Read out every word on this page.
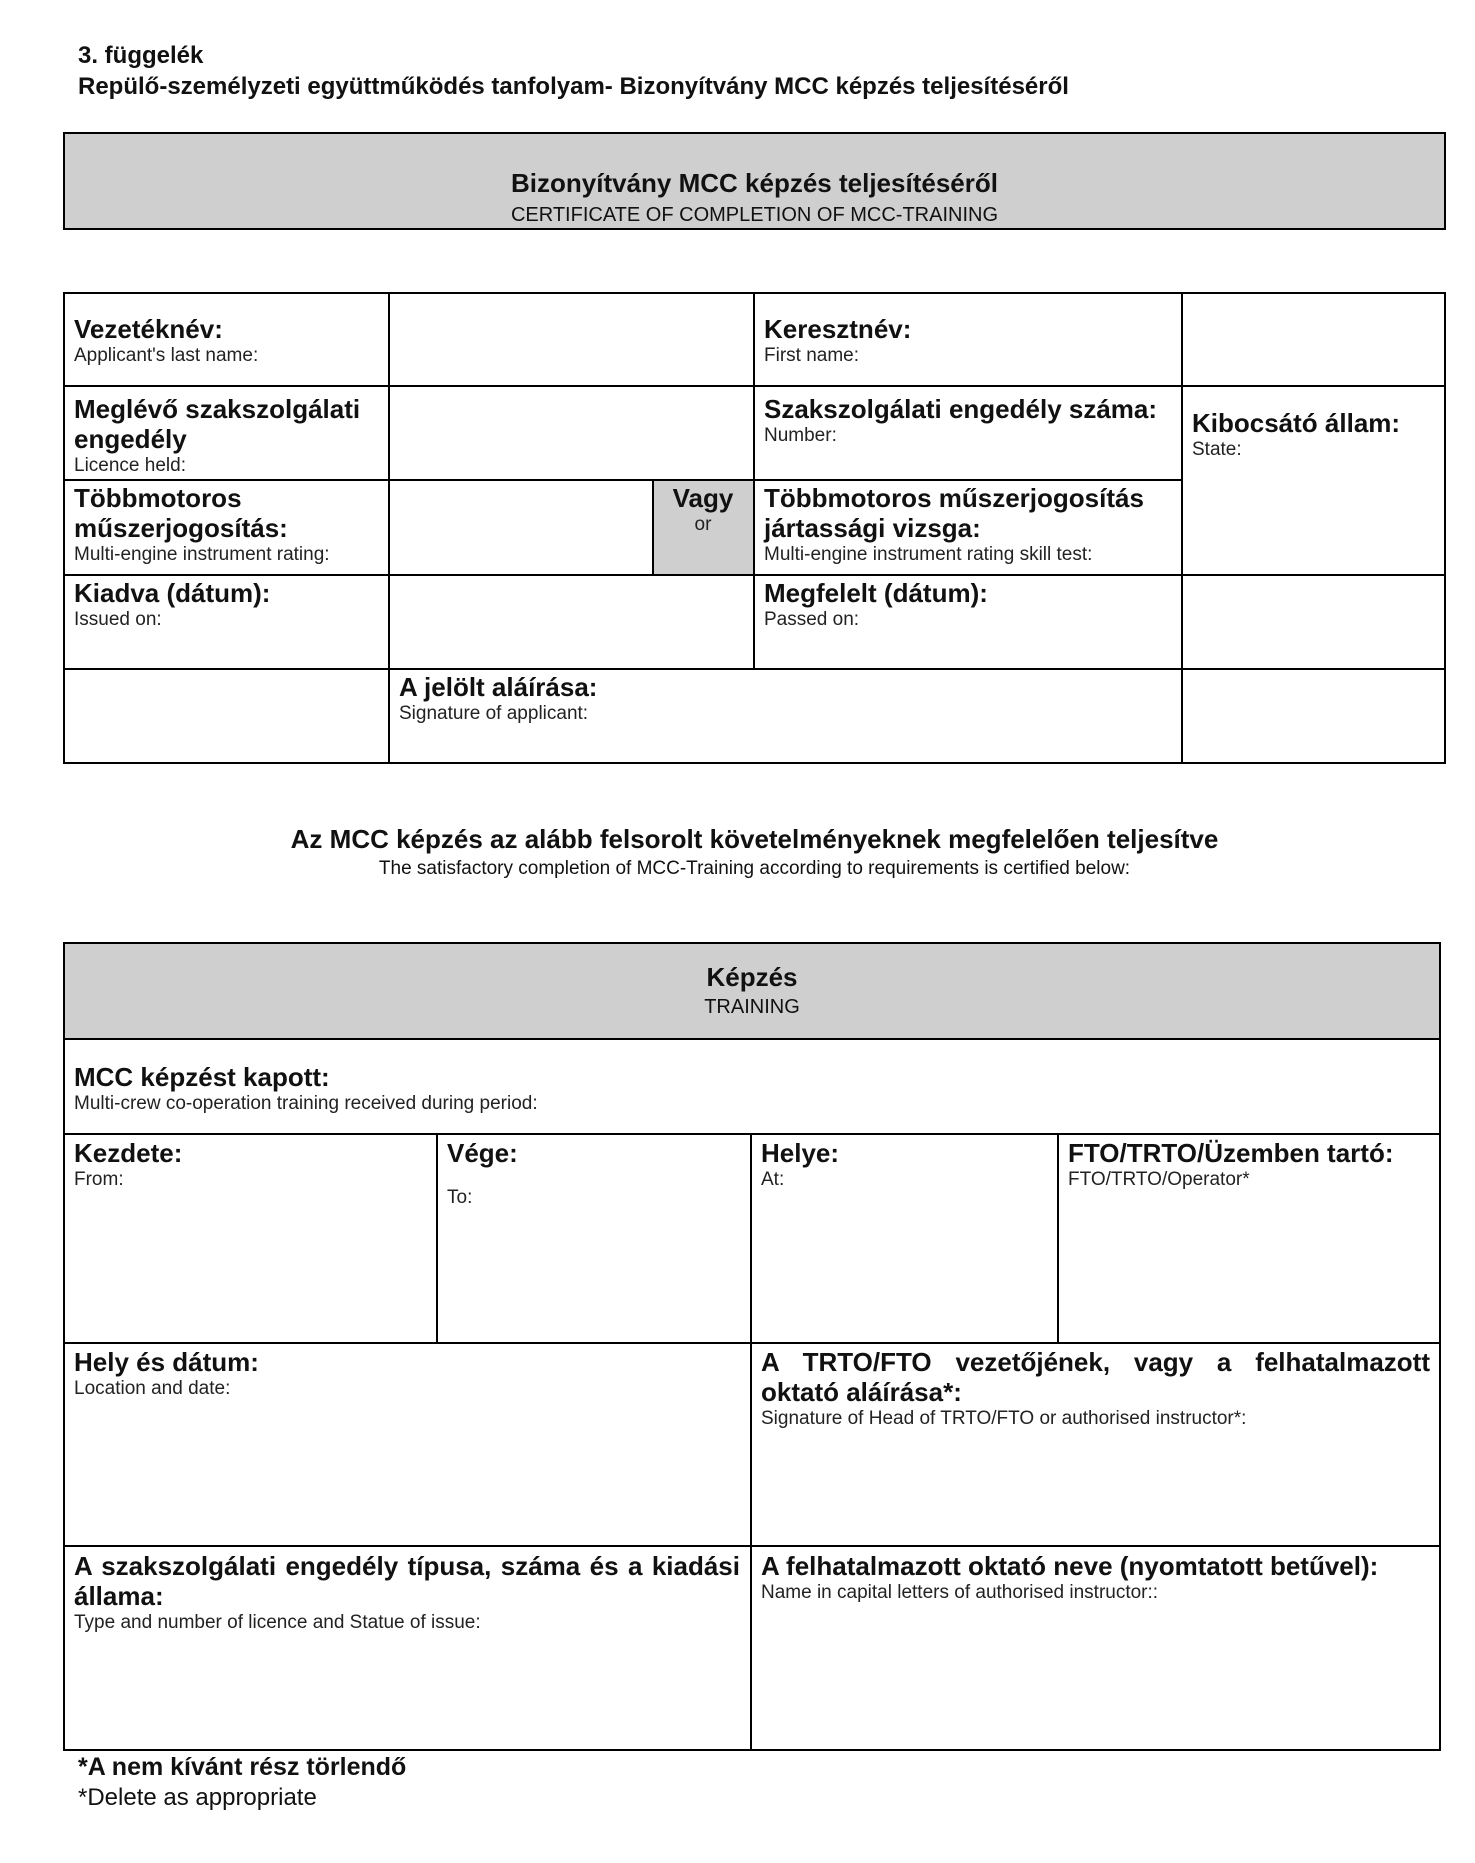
3. függelék
Repülő-személyzeti együttműködés tanfolyam- Bizonyítvány MCC képzés teljesítéséről
Bizonyítvány MCC képzés teljesítéséről
CERTIFICATE OF COMPLETION OF MCC-TRAINING
Vezetéknév:
Applicant's last name:
Keresztnév:
First name:
Meglévő szakszolgálati engedély
Licence held:
Szakszolgálati engedély száma:
Number:	Kibocsátó állam:
State:
Többmotoros műszerjogosítás:
Multi-engine instrument rating:
Vagy
or
Többmotoros műszerjogosítás jártassági vizsga:
Multi-engine instrument rating skill test:
Kiadva (dátum):
Issued on:
Megfelelt (dátum):
Passed on:
A jelölt aláírása:
Signature of applicant:
Az MCC képzés az alább felsorolt követelményeknek megfelelően teljesítve
The satisfactory completion of MCC-Training according to requirements is certified below:
Képzés
TRAINING
MCC képzést kapott:
Multi-crew co-operation training received during period:
Kezdete:
From:
Vége:
To:
Helye:
At:
FTO/TRTO/Üzemben tartó:
FTO/TRTO/Operator*
Hely és dátum:
Location and date:
A TRTO/FTO vezetőjének, vagy a felhatalmazott oktató aláírása*:
Signature of Head of TRTO/FTO or authorised instructor*:
A szakszolgálati engedély típusa, száma és a kiadási állama:
Type and number of licence and Statue of issue:
A felhatalmazott oktató neve (nyomtatott betűvel):
Name in capital letters of authorised instructor::
*A nem kívánt rész törlendő
*Delete as appropriate
